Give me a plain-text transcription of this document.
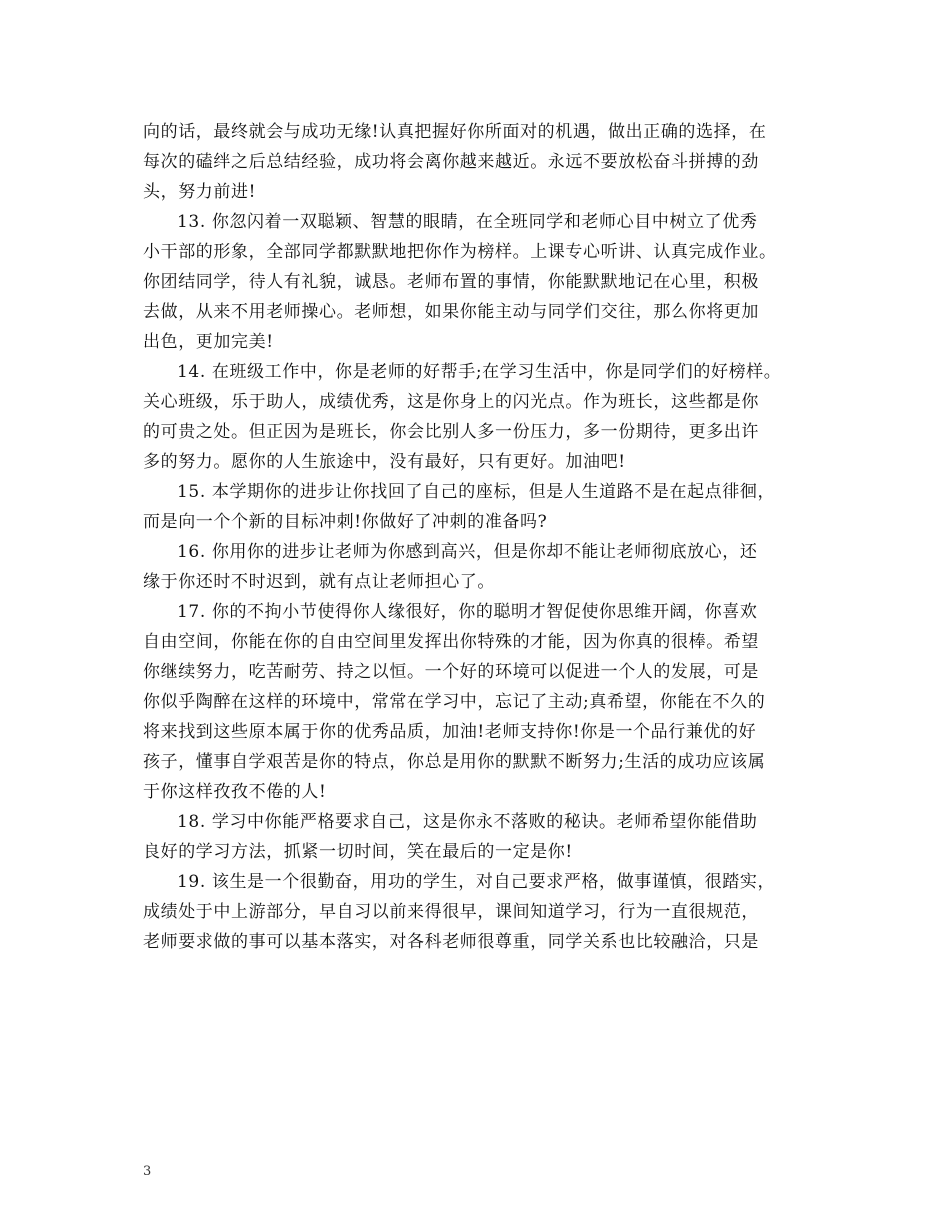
向的话，最终就会与成功无缘!认真把握好你所面对的机遇，做出正确的选择，在
每次的磕绊之后总结经验，成功将会离你越来越近。永远不要放松奋斗拼搏的劲
头，努力前进!

13. 你忽闪着一双聪颖、智慧的眼睛，在全班同学和老师心目中树立了优秀
小干部的形象，全部同学都默默地把你作为榜样。上课专心听讲、认真完成作业。
你团结同学，待人有礼貌，诚恳。老师布置的事情，你能默默地记在心里，积极
去做，从来不用老师操心。老师想，如果你能主动与同学们交往，那么你将更加
出色，更加完美!

14. 在班级工作中，你是老师的好帮手;在学习生活中，你是同学们的好榜样。
关心班级，乐于助人，成绩优秀，这是你身上的闪光点。作为班长，这些都是你
的可贵之处。但正因为是班长，你会比别人多一份压力，多一份期待，更多出许
多的努力。愿你的人生旅途中，没有最好，只有更好。加油吧!

15. 本学期你的进步让你找回了自己的座标，但是人生道路不是在起点徘徊，
而是向一个个新的目标冲刺!你做好了冲刺的准备吗?

16. 你用你的进步让老师为你感到高兴，但是你却不能让老师彻底放心，还
缘于你还时不时迟到，就有点让老师担心了。

17. 你的不拘小节使得你人缘很好，你的聪明才智促使你思维开阔，你喜欢
自由空间，你能在你的自由空间里发挥出你特殊的才能，因为你真的很棒。希望
你继续努力，吃苦耐劳、持之以恒。一个好的环境可以促进一个人的发展，可是
你似乎陶醉在这样的环境中，常常在学习中，忘记了主动;真希望，你能在不久的
将来找到这些原本属于你的优秀品质，加油!老师支持你!你是一个品行兼优的好
孩子，懂事自学艰苦是你的特点，你总是用你的默默不断努力;生活的成功应该属
于你这样孜孜不倦的人!

18. 学习中你能严格要求自己，这是你永不落败的秘诀。老师希望你能借助
良好的学习方法，抓紧一切时间，笑在最后的一定是你!

19. 该生是一个很勤奋，用功的学生，对自己要求严格，做事谨慎，很踏实，
成绩处于中上游部分，早自习以前来得很早，课间知道学习，行为一直很规范，
老师要求做的事可以基本落实，对各科老师很尊重，同学关系也比较融洽，只是

3
